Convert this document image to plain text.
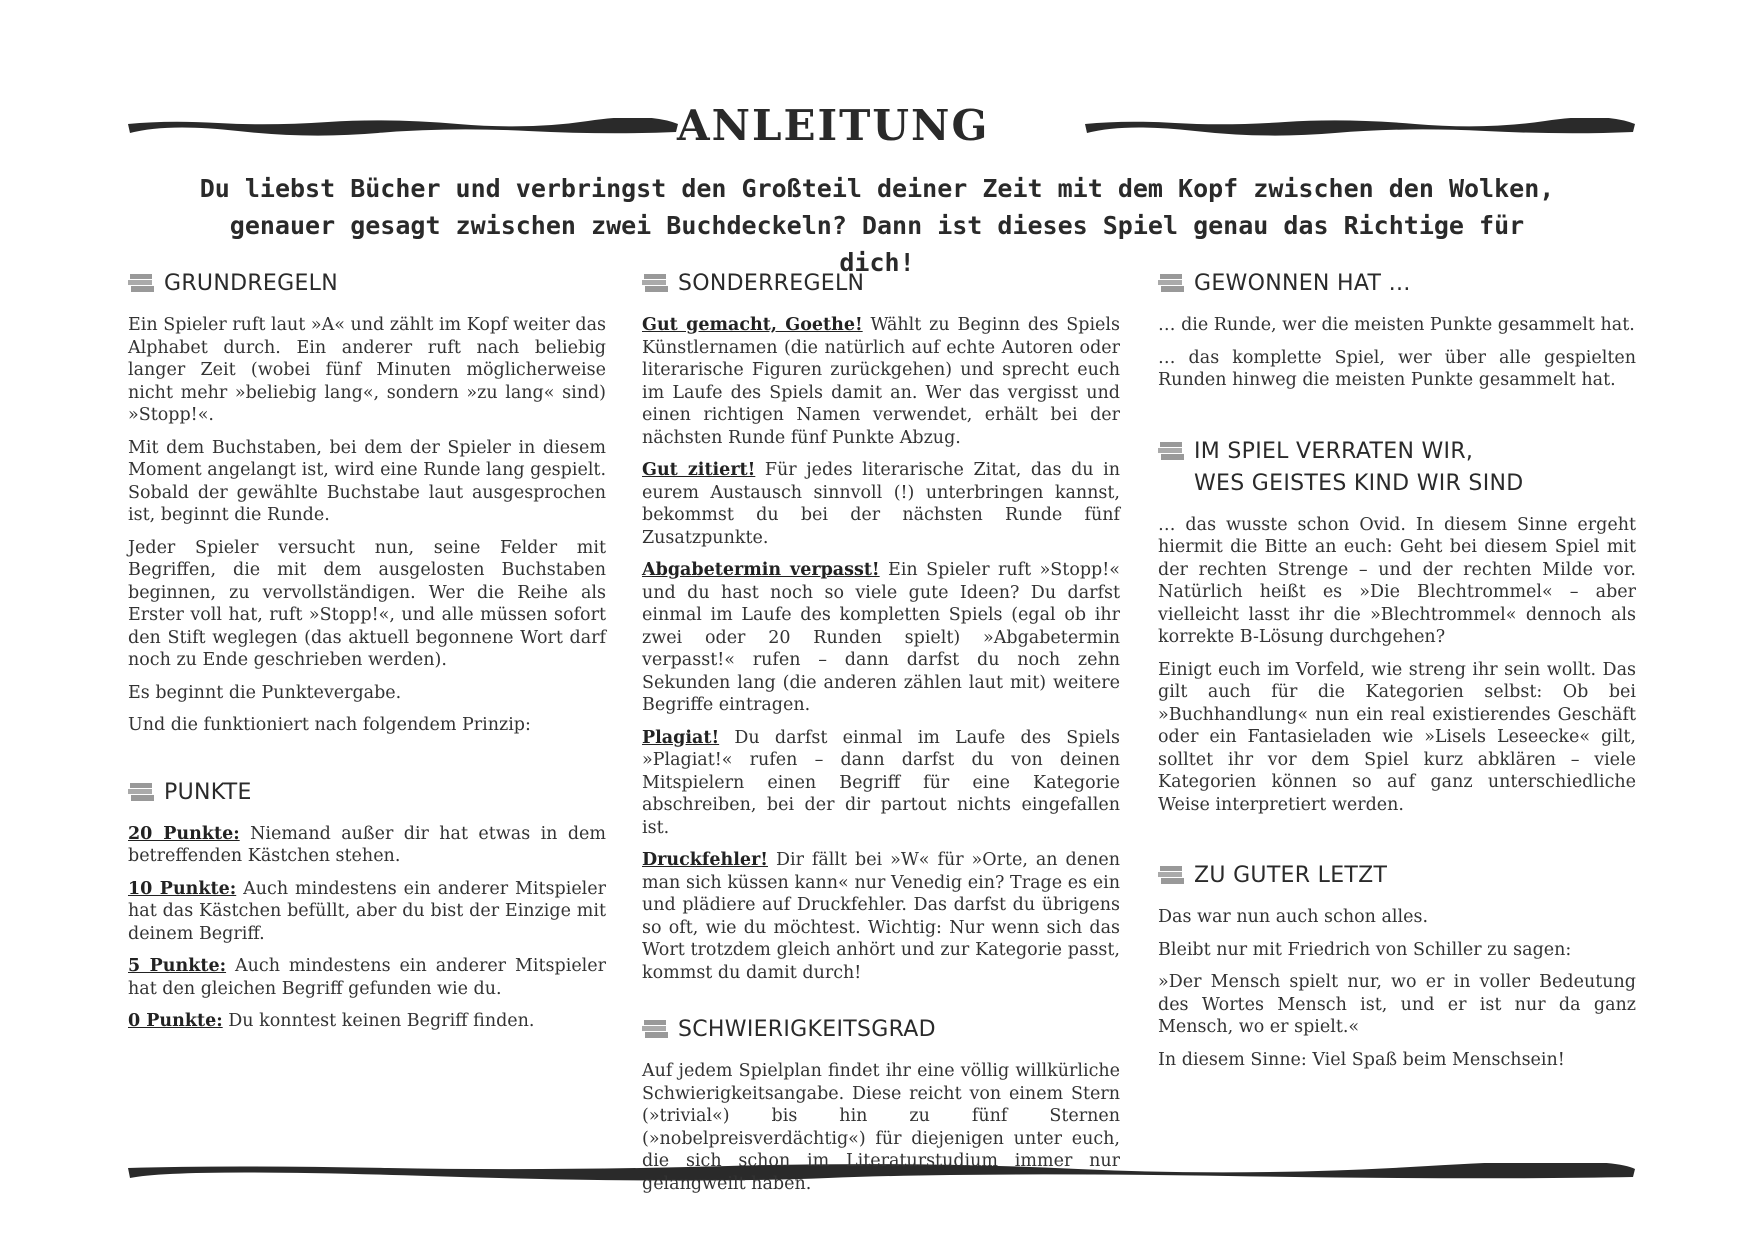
ANLEITUNG
Du liebst Bücher und verbringst den Großteil deiner Zeit mit dem Kopf zwischen den Wolken, genauer gesagt zwischen zwei Buchdeckeln? Dann ist dieses Spiel genau das Richtige für dich!
GRUNDREGELN

Ein Spieler ruft laut »A« und zählt im Kopf weiter das Alphabet durch. Ein anderer ruft nach beliebig langer Zeit (wobei fünf Minuten möglicherweise nicht mehr »beliebig lang«, sondern »zu lang« sind) »Stopp!«.

Mit dem Buchstaben, bei dem der Spieler in diesem Moment angelangt ist, wird eine Runde lang gespielt. Sobald der gewählte Buchstabe laut ausgesprochen ist, beginnt die Runde.

Jeder Spieler versucht nun, seine Felder mit Begriffen, die mit dem ausgelosten Buchstaben beginnen, zu vervollständigen. Wer die Reihe als Erster voll hat, ruft »Stopp!«, und alle müssen sofort den Stift weglegen (das aktuell begonnene Wort darf noch zu Ende geschrieben werden).

Es beginnt die Punktevergabe.

Und die funktioniert nach folgendem Prinzip:

PUNKTE

20 Punkte: Niemand außer dir hat etwas in dem betreffenden Kästchen stehen.

10 Punkte: Auch mindestens ein anderer Mitspieler hat das Kästchen befüllt, aber du bist der Einzige mit deinem Begriff.

5 Punkte: Auch mindestens ein anderer Mitspieler hat den gleichen Begriff gefunden wie du.

0 Punkte: Du konntest keinen Begriff finden.

SONDERREGELN

Gut gemacht, Goethe! Wählt zu Beginn des Spiels Künstlernamen (die natürlich auf echte Autoren oder literarische Figuren zurückgehen) und sprecht euch im Laufe des Spiels damit an. Wer das vergisst und einen richtigen Namen verwendet, erhält bei der nächsten Runde fünf Punkte Abzug.

Gut zitiert! Für jedes literarische Zitat, das du in eurem Austausch sinnvoll (!) unterbringen kannst, bekommst du bei der nächsten Runde fünf Zusatzpunkte.

Abgabetermin verpasst! Ein Spieler ruft »Stopp!« und du hast noch so viele gute Ideen? Du darfst einmal im Laufe des kompletten Spiels (egal ob ihr zwei oder 20 Runden spielt) »Abgabetermin verpasst!« rufen – dann darfst du noch zehn Sekunden lang (die anderen zählen laut mit) weitere Begriffe eintragen.

Plagiat! Du darfst einmal im Laufe des Spiels »Plagiat!« rufen – dann darfst du von deinen Mitspielern einen Begriff für eine Kategorie abschreiben, bei der dir partout nichts eingefallen ist.

Druckfehler! Dir fällt bei »W« für »Orte, an denen man sich küssen kann« nur Venedig ein? Trage es ein und plädiere auf Druckfehler. Das darfst du übrigens so oft, wie du möchtest. Wichtig: Nur wenn sich das Wort trotzdem gleich anhört und zur Kategorie passt, kommst du damit durch!

SCHWIERIGKEITSGRAD

Auf jedem Spielplan findet ihr eine völlig willkürliche Schwierigkeitsangabe. Diese reicht von einem Stern (»trivial«) bis hin zu fünf Sternen (»nobelpreisverdächtig«) für diejenigen unter euch, die sich schon im Literaturstudium immer nur gelangweilt haben.

GEWONNEN HAT …

… die Runde, wer die meisten Punkte gesammelt hat.

… das komplette Spiel, wer über alle gespielten Runden hinweg die meisten Punkte gesammelt hat.

IM SPIEL VERRATEN WIR,
WES GEISTES KIND WIR SIND

… das wusste schon Ovid. In diesem Sinne ergeht hiermit die Bitte an euch: Geht bei diesem Spiel mit der rechten Strenge – und der rechten Milde vor. Natürlich heißt es »Die Blechtrommel« – aber vielleicht lasst ihr die »Blechtrommel« dennoch als korrekte B-Lösung durchgehen?

Einigt euch im Vorfeld, wie streng ihr sein wollt. Das gilt auch für die Kategorien selbst: Ob bei »Buchhandlung« nun ein real existierendes Geschäft oder ein Fantasieladen wie »Lisels Leseecke« gilt, solltet ihr vor dem Spiel kurz abklären – viele Kategorien können so auf ganz unterschiedliche Weise interpretiert werden.

ZU GUTER LETZT

Das war nun auch schon alles.

Bleibt nur mit Friedrich von Schiller zu sagen:

»Der Mensch spielt nur, wo er in voller Bedeutung des Wortes Mensch ist, und er ist nur da ganz Mensch, wo er spielt.«

In diesem Sinne: Viel Spaß beim Menschsein!
